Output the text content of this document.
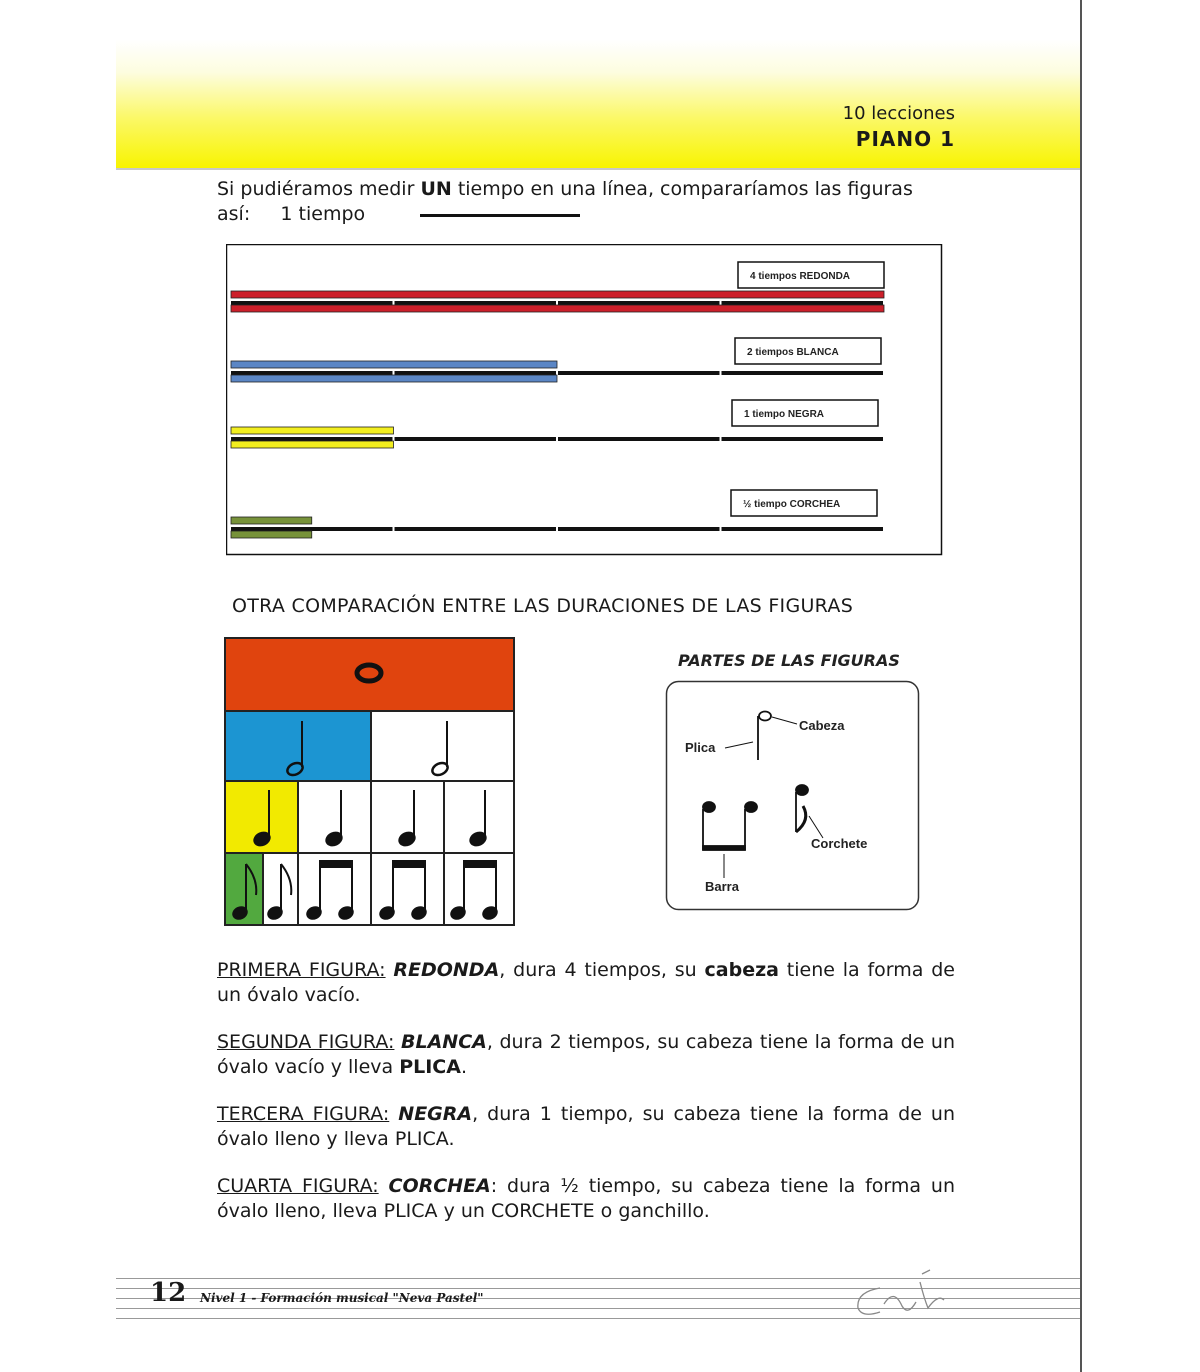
10 lecciones
PIANO 1
Si pudiéramos medir UN tiempo en una línea, compararíamos las figuras
así:     1 tiempo
4 tiempos REDONDA
2 tiempos BLANCA
1 tiempo NEGRA
½ tiempo CORCHEA
OTRA COMPARACIÓN ENTRE LAS DURACIONES DE LAS FIGURAS
PARTES DE LAS FIGURAS
Cabeza
Plica
Corchete
Barra
PRIMERA FIGURA: REDONDA, dura 4 tiempos, su cabeza tiene la forma de un óvalo vacío.
SEGUNDA FIGURA: BLANCA, dura 2 tiempos, su cabeza tiene la forma de un óvalo vacío y lleva PLICA.
TERCERA FIGURA: NEGRA, dura 1 tiempo, su cabeza tiene la forma de un óvalo lleno y lleva PLICA.
CUARTA FIGURA: CORCHEA: dura ½ tiempo, su cabeza tiene la forma un óvalo lleno, lleva PLICA y un CORCHETE o ganchillo.
12 Nivel 1 - Formación musical "Neva Pastel"
